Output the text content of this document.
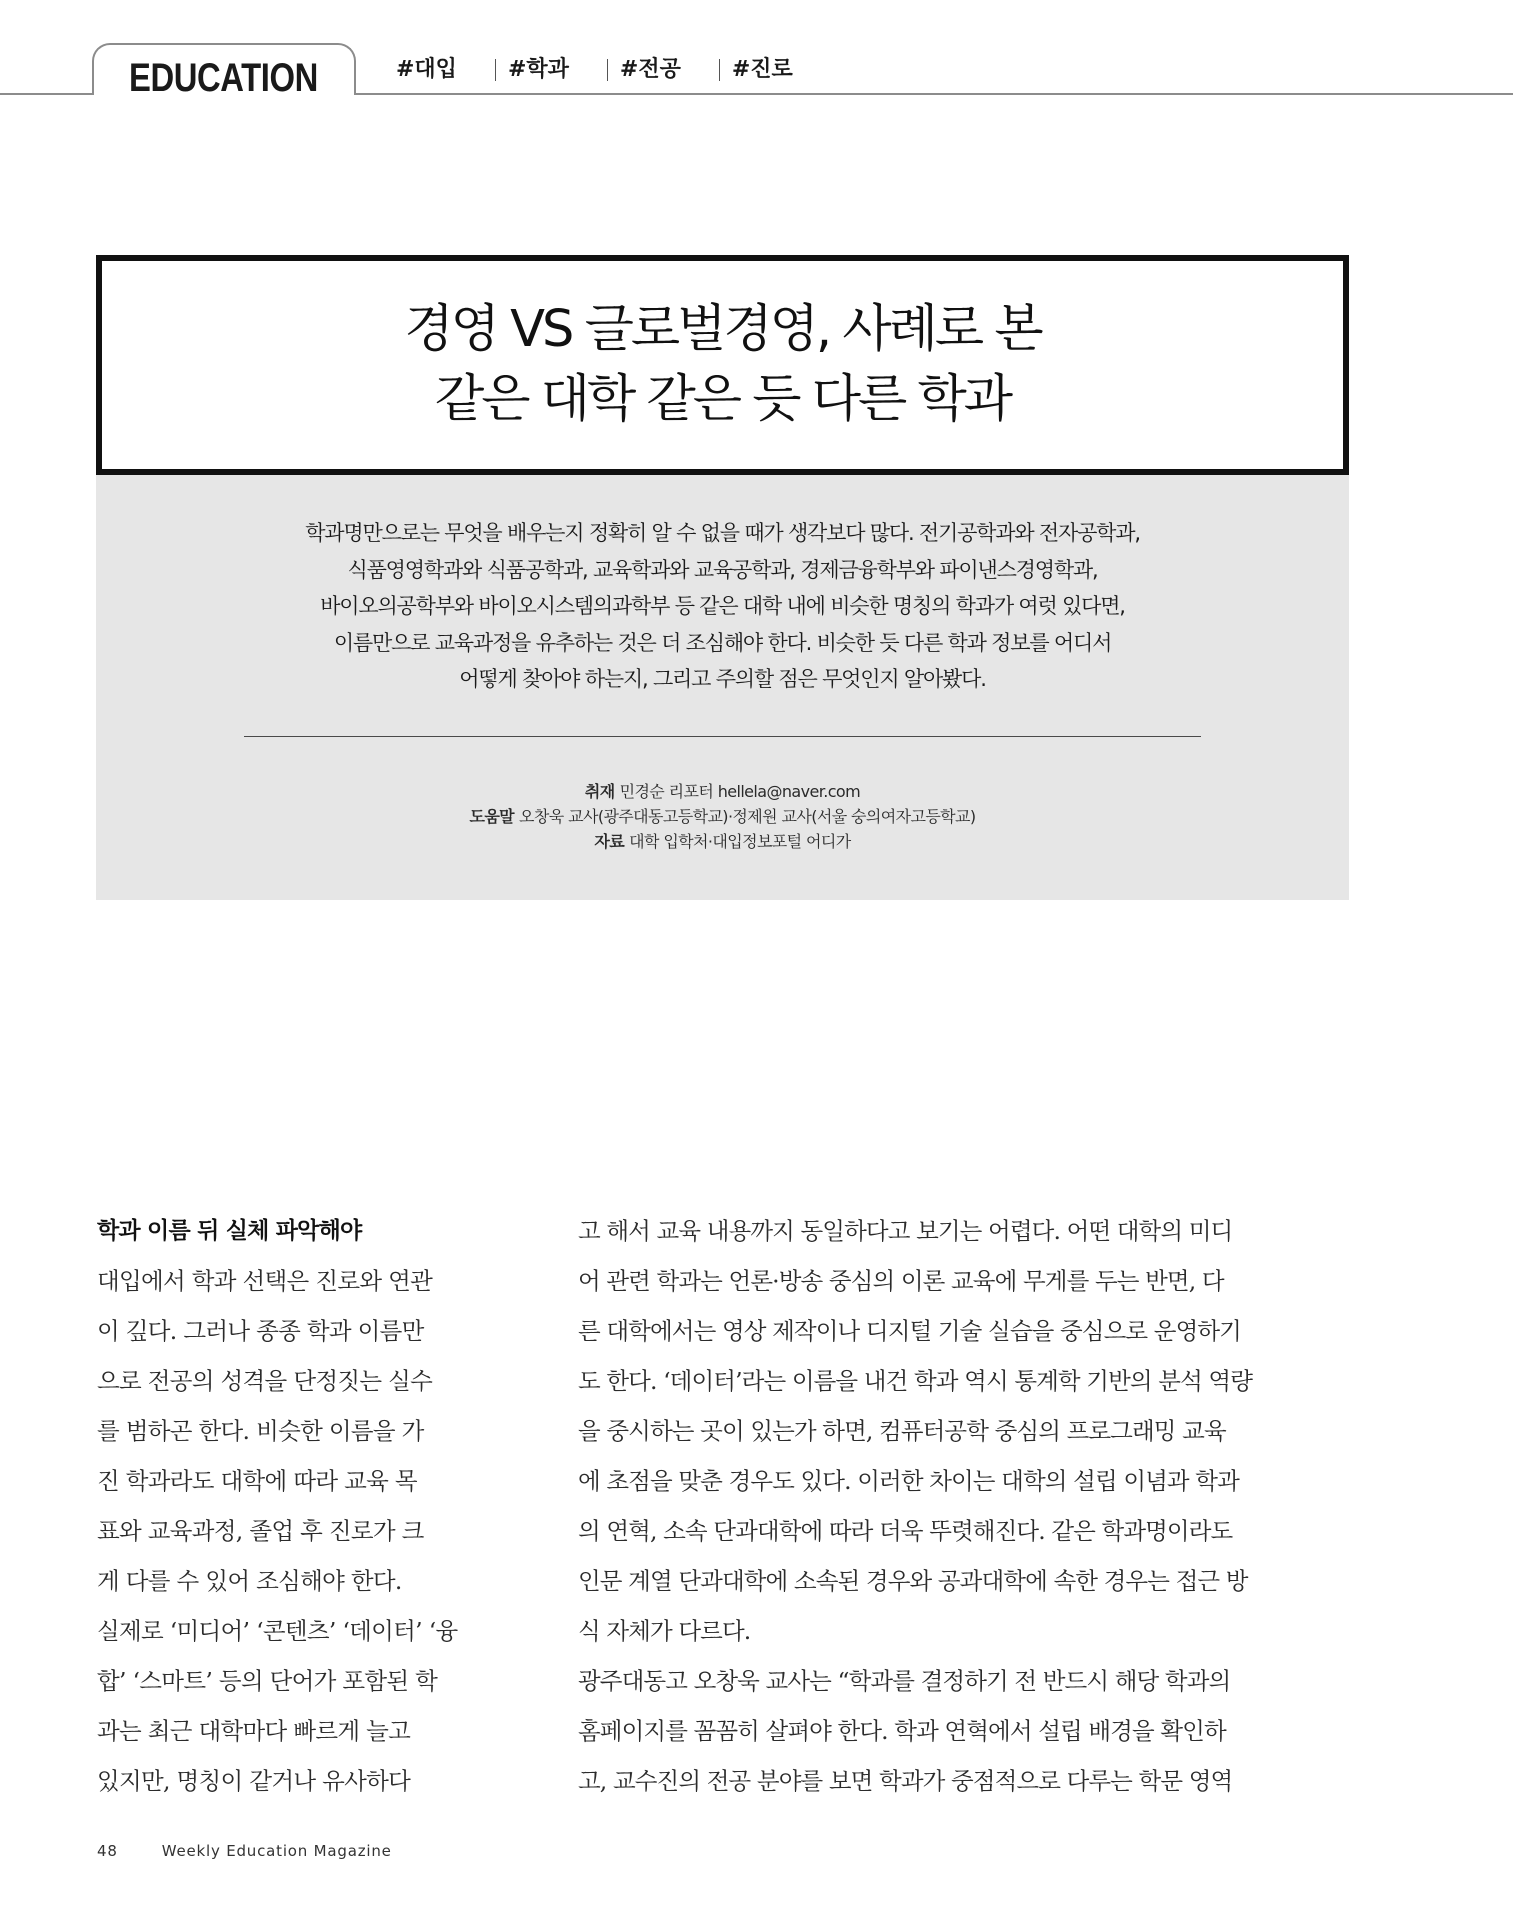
EDUCATION	#대입 #학과 #전공 #진로
경영 VS 글로벌경영, 사례로 본
같은 대학 같은 듯 다른 학과
학과명만으로는 무엇을 배우는지 정확히 알 수 없을 때가 생각보다 많다. 전기공학과와 전자공학과,
식품영영학과와 식품공학과, 교육학과와 교육공학과, 경제금융학부와 파이낸스경영학과,
바이오의공학부와 바이오시스템의과학부 등 같은 대학 내에 비슷한 명칭의 학과가 여럿 있다면,
이름만으로 교육과정을 유추하는 것은 더 조심해야 한다. 비슷한 듯 다른 학과 정보를 어디서
어떻게 찾아야 하는지, 그리고 주의할 점은 무엇인지 알아봤다.
취재 민경순 리포터 hellela@naver.com
도움말 오창욱 교사(광주대동고등학교)·정제원 교사(서울 숭의여자고등학교)
자료 대학 입학처·대입정보포털 어디가
학과 이름 뒤 실체 파악해야
대입에서 학과 선택은 진로와 연관
이 깊다. 그러나 종종 학과 이름만
으로 전공의 성격을 단정짓는 실수
를 범하곤 한다. 비슷한 이름을 가
진 학과라도 대학에 따라 교육 목
표와 교육과정, 졸업 후 진로가 크
게 다를 수 있어 조심해야 한다.
실제로 ‘미디어’ ‘콘텐츠’ ‘데이터’ ‘융
합’ ‘스마트’ 등의 단어가 포함된 학
과는 최근 대학마다 빠르게 늘고
있지만, 명칭이 같거나 유사하다
고 해서 교육 내용까지 동일하다고 보기는 어렵다. 어떤 대학의 미디
어 관련 학과는 언론·방송 중심의 이론 교육에 무게를 두는 반면, 다
른 대학에서는 영상 제작이나 디지털 기술 실습을 중심으로 운영하기
도 한다. ‘데이터’라는 이름을 내건 학과 역시 통계학 기반의 분석 역량
을 중시하는 곳이 있는가 하면, 컴퓨터공학 중심의 프로그래밍 교육
에 초점을 맞춘 경우도 있다. 이러한 차이는 대학의 설립 이념과 학과
의 연혁, 소속 단과대학에 따라 더욱 뚜렷해진다. 같은 학과명이라도
인문 계열 단과대학에 소속된 경우와 공과대학에 속한 경우는 접근 방
식 자체가 다르다.
광주대동고 오창욱 교사는 “학과를 결정하기 전 반드시 해당 학과의
홈페이지를 꼼꼼히 살펴야 한다. 학과 연혁에서 설립 배경을 확인하
고, 교수진의 전공 분야를 보면 학과가 중점적으로 다루는 학문 영역
48	Weekly Education Magazine
